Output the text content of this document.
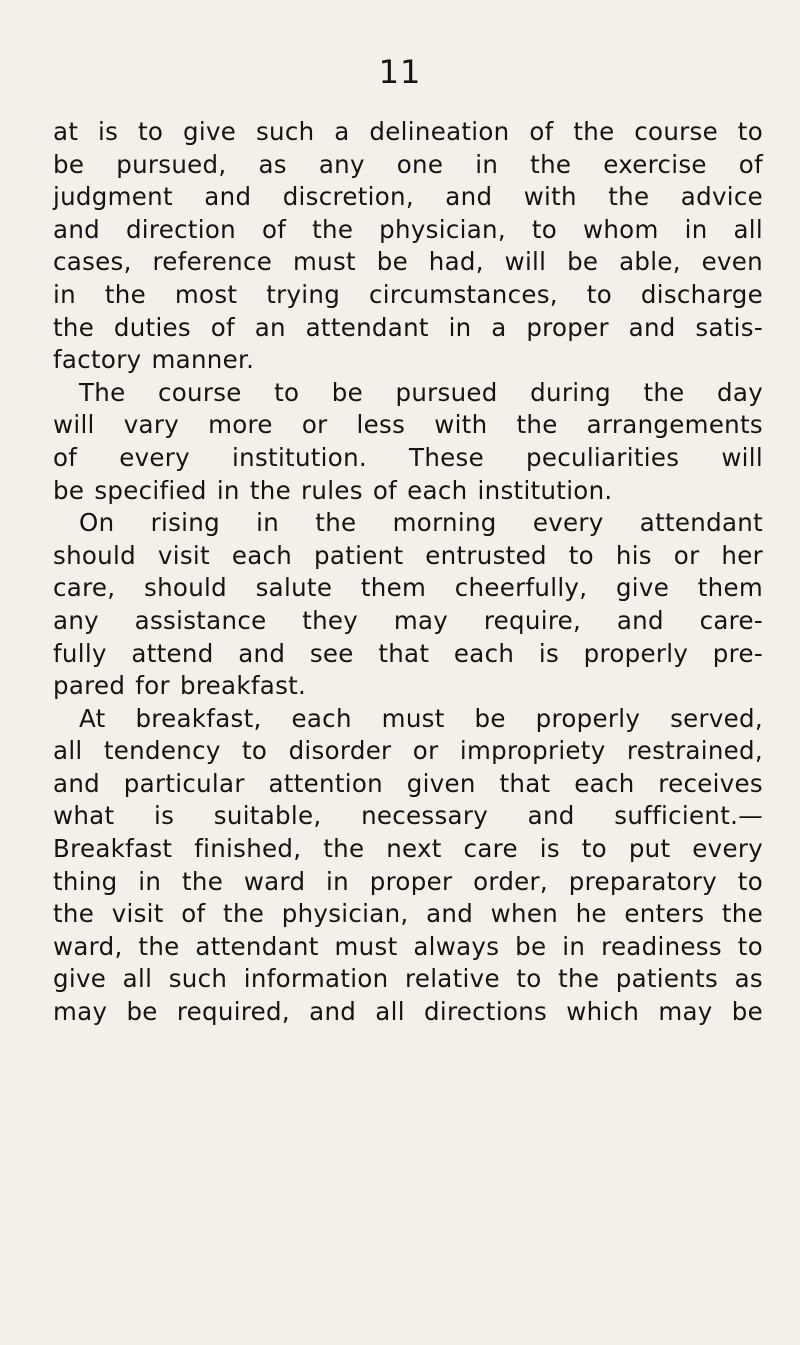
11
at is to give such a delineation of the course to
be pursued, as any one in the exercise of
judgment and discretion, and with the advice
and direction of the physician, to whom in all
cases, reference must be had, will be able, even
in the most trying circumstances, to discharge
the duties of an attendant in a proper and satis-
factory manner.
The course to be pursued during the day
will vary more or less with the arrangements
of every institution. These peculiarities will
be specified in the rules of each institution.
On rising in the morning every attendant
should visit each patient entrusted to his or her
care, should salute them cheerfully, give them
any assistance they may require, and care-
fully attend and see that each is properly pre-
pared for breakfast.
At breakfast, each must be properly served,
all tendency to disorder or impropriety restrained,
and particular attention given that each receives
what is suitable, necessary and sufficient.—
Breakfast finished, the next care is to put every
thing in the ward in proper order, preparatory to
the visit of the physician, and when he enters the
ward, the attendant must always be in readiness to
give all such information relative to the patients as
may be required, and all directions which may be
